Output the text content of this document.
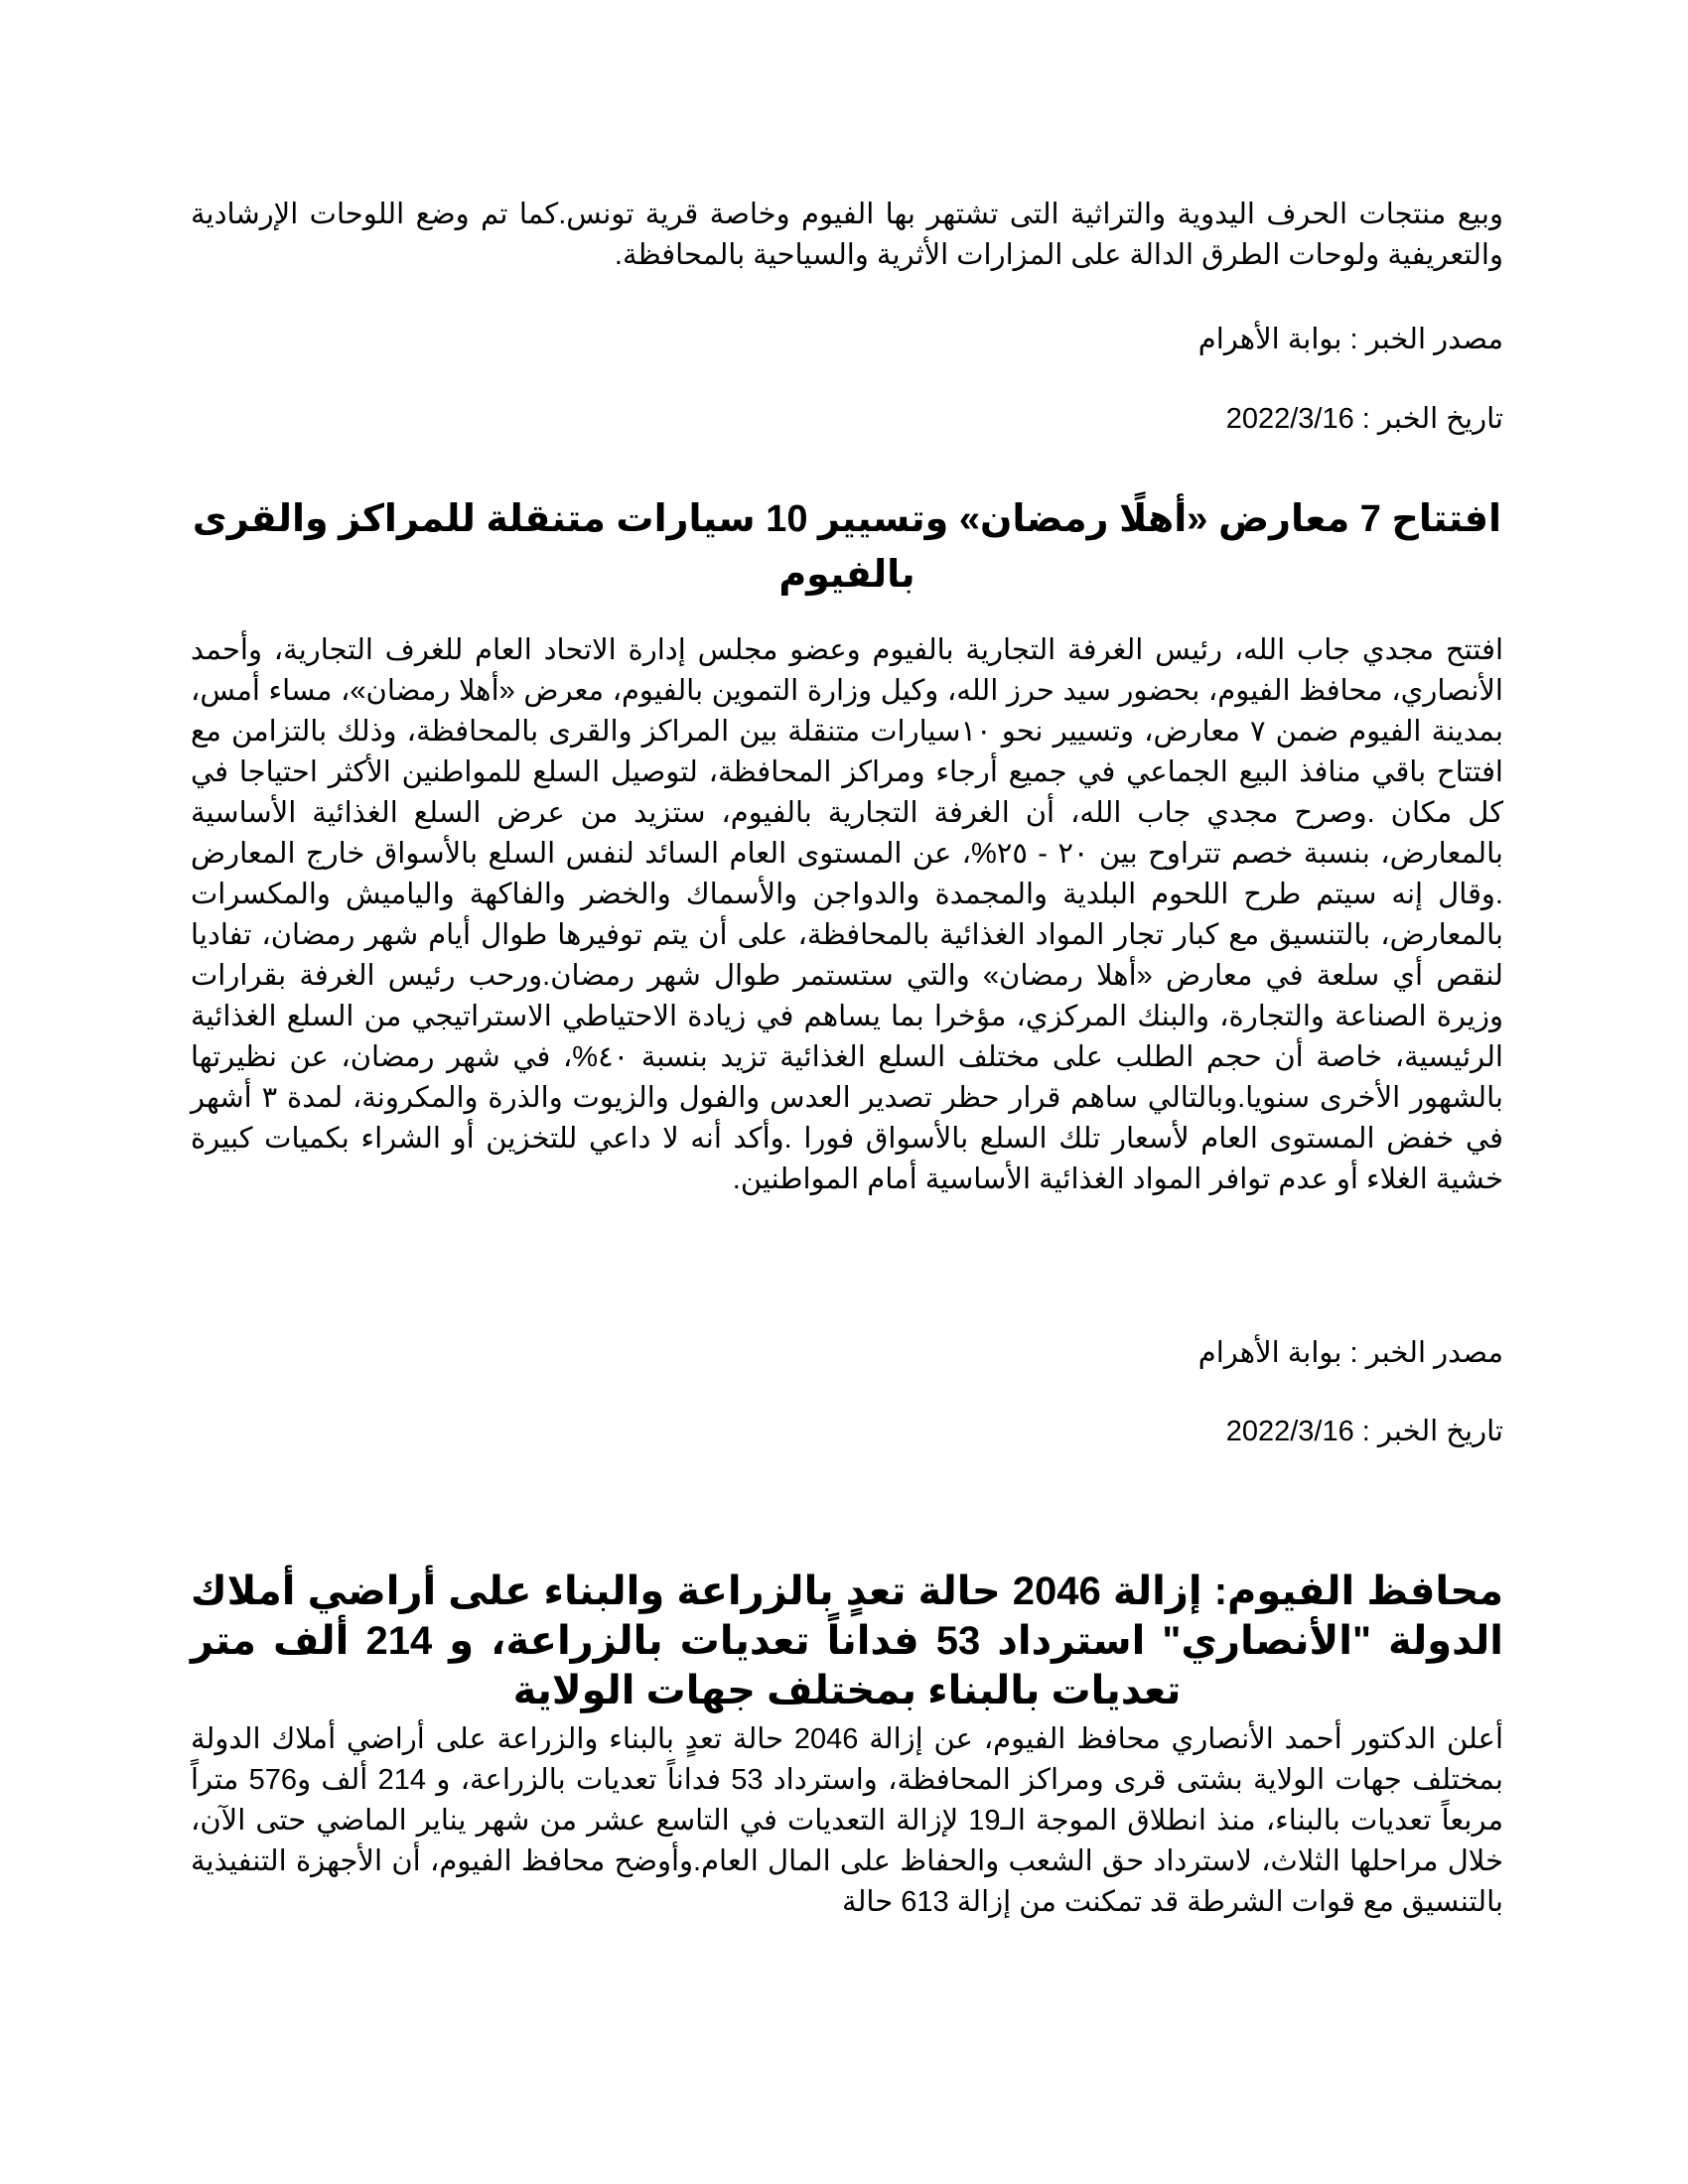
وبيع منتجات الحرف اليدوية والتراثية التى تشتهر بها الفيوم وخاصة قرية تونس.كما تم وضع اللوحات الإرشادية والتعريفية ولوحات الطرق الدالة على المزارات الأثرية والسياحية بالمحافظة.

مصدر الخبر : بوابة الأهرام

تاريخ الخبر : 2022/3/16

افتتاح 7 معارض «أهلًا رمضان» وتسيير 10 سيارات متنقلة للمراكز والقرى بالفيوم

افتتح مجدي جاب الله، رئيس الغرفة التجارية بالفيوم وعضو مجلس إدارة الاتحاد العام للغرف التجارية، وأحمد الأنصاري، محافظ الفيوم، بحضور سيد حرز الله، وكيل وزارة التموين بالفيوم، معرض «أهلا رمضان»، مساء أمس، بمدينة الفيوم ضمن ٧ معارض، وتسيير نحو ١٠سيارات متنقلة بين المراكز والقرى بالمحافظة، وذلك بالتزامن مع افتتاح باقي منافذ البيع الجماعي في جميع أرجاء ومراكز المحافظة، لتوصيل السلع للمواطنين الأكثر احتياجا في كل مكان .وصرح مجدي جاب الله، أن الغرفة التجارية بالفيوم، ستزيد من عرض السلع الغذائية الأساسية بالمعارض، بنسبة خصم تتراوح بين ٢٠ - ٢٥%، عن المستوى العام السائد لنفس السلع بالأسواق خارج المعارض .وقال إنه سيتم طرح اللحوم البلدية والمجمدة والدواجن والأسماك والخضر والفاكهة والياميش والمكسرات بالمعارض، بالتنسيق مع كبار تجار المواد الغذائية بالمحافظة، على أن يتم توفيرها طوال أيام شهر رمضان، تفاديا لنقص أي سلعة في معارض «أهلا رمضان» والتي ستستمر طوال شهر رمضان.ورحب رئيس الغرفة بقرارات وزيرة الصناعة والتجارة، والبنك المركزي، مؤخرا بما يساهم في زيادة الاحتياطي الاستراتيجي من السلع الغذائية الرئيسية، خاصة أن حجم الطلب على مختلف السلع الغذائية تزيد بنسبة ٤٠%، في شهر رمضان، عن نظيرتها بالشهور الأخرى سنويا.وبالتالي ساهم قرار حظر تصدير العدس والفول والزيوت والذرة والمكرونة، لمدة ٣ أشهر في خفض المستوى العام لأسعار تلك السلع بالأسواق فورا .وأكد أنه لا داعي للتخزين أو الشراء بكميات كبيرة خشية الغلاء أو عدم توافر المواد الغذائية الأساسية أمام المواطنين.

مصدر الخبر : بوابة الأهرام

تاريخ الخبر : 2022/3/16

محافظ الفيوم: إزالة 2046 حالة تعدٍ بالزراعة والبناء على أراضي أملاك الدولة "الأنصاري" استرداد 53 فداناً تعديات بالزراعة، و 214 ألف متر تعديات بالبناء بمختلف جهات الولاية

أعلن الدكتور أحمد الأنصاري محافظ الفيوم، عن إزالة 2046 حالة تعدٍ بالبناء والزراعة على أراضي أملاك الدولة بمختلف جهات الولاية بشتى قرى ومراكز المحافظة، واسترداد 53 فداناً تعديات بالزراعة، و 214 ألف و576 متراً مربعاً تعديات بالبناء، منذ انطلاق الموجة الـ19 لإزالة التعديات في التاسع عشر من شهر يناير الماضي حتى الآن، خلال مراحلها الثلاث، لاسترداد حق الشعب والحفاظ على المال العام.وأوضح محافظ الفيوم، أن الأجهزة التنفيذية بالتنسيق مع قوات الشرطة قد تمكنت من إزالة 613 حالة
